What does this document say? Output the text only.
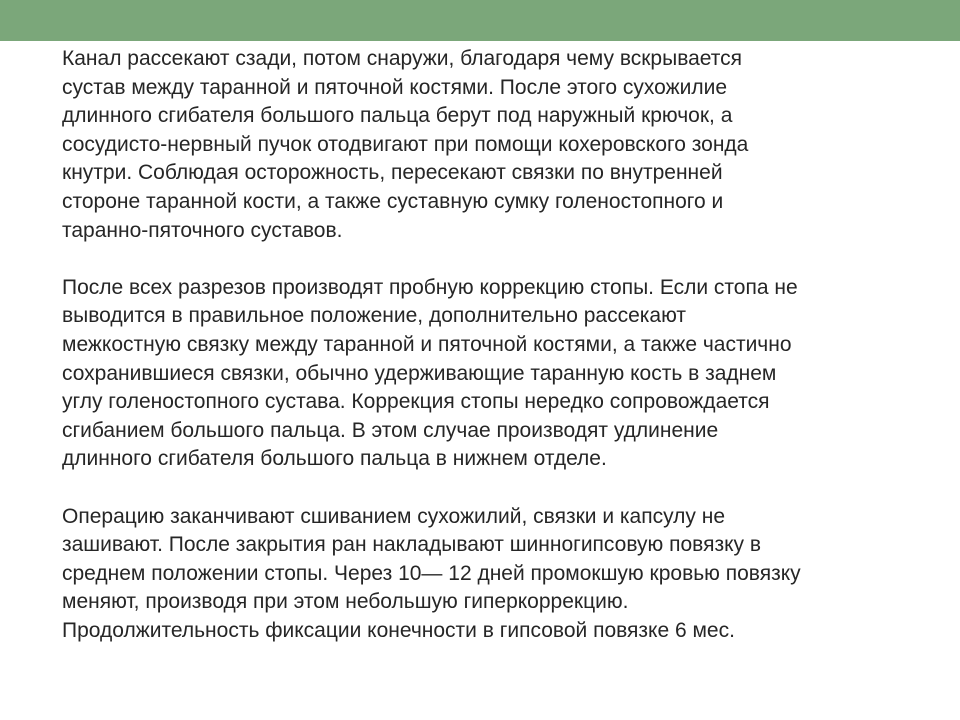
Канал рассекают сзади, потом снаружи, благодаря чему вскрывается
сустав между таранной и пяточной костями. После этого сухожилие
длинного сгибателя большого пальца берут под наружный крючок, а
сосудисто-нервный пучок отодвигают при помощи кохеровского зонда
кнутри. Соблюдая осторожность, пересекают связки по внутренней
стороне таранной кости, а также суставную сумку голеностопного и
таранно-пяточного суставов.

После всех разрезов производят пробную коррекцию стопы. Если стопа не
выводится в правильное положение, дополнительно рассекают
межкостную связку между таранной и пяточной костями, а также частично
сохранившиеся связки, обычно удерживающие таранную кость в заднем
углу голеностопного сустава. Коррекция стопы нередко сопровождается
сгибанием большого пальца. В этом случае производят удлинение
длинного сгибателя большого пальца в нижнем отделе.

Операцию заканчивают сшиванием сухожилий, связки и капсулу не
зашивают. После закрытия ран накладывают шинногипсовую повязку в
среднем положении стопы. Через 10— 12 дней промокшую кровью повязку
меняют, производя при этом небольшую гиперкоррекцию.
Продолжительность фиксации конечности в гипсовой повязке 6 мес.
